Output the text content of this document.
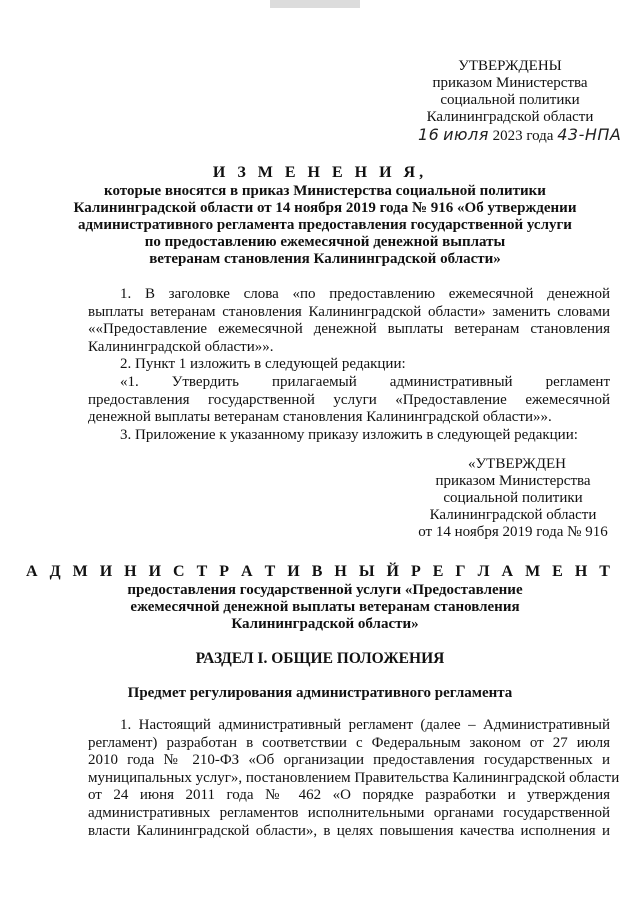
УТВЕРЖДЕНЫ
приказом Министерства
социальной политики
Калининградской области
16 июля 2023 года 43-НПА
И З М Е Н Е Н И Я,
которые вносятся в приказ Министерства социальной политики
Калининградской области от 14 ноября 2019 года № 916 «Об утверждении
административного регламента предоставления государственной услуги
по предоставлению ежемесячной денежной выплаты
ветеранам становления Калининградской области»
1. В заголовке слова «по предоставлению ежемесячной денежной
выплаты ветеранам становления Калининградской области» заменить словами
««Предоставление ежемесячной денежной выплаты ветеранам становления
Калининградской области»».
2. Пункт 1 изложить в следующей редакции:
«1. Утвердить прилагаемый административный регламент
предоставления государственной услуги «Предоставление ежемесячной
денежной выплаты ветеранам становления Калининградской области»».
3. Приложение к указанному приказу изложить в следующей редакции:
«УТВЕРЖДЕН
приказом Министерства
социальной политики
Калининградской области
от 14 ноября 2019 года № 916
А Д М И Н И С Т Р А Т И В Н Ы Й Р Е Г Л А М Е Н Т
предоставления государственной услуги «Предоставление
ежемесячной денежной выплаты ветеранам становления
Калининградской области»
РАЗДЕЛ I. ОБЩИЕ ПОЛОЖЕНИЯ
Предмет регулирования административного регламента
1. Настоящий административный регламент (далее – Административный
регламент) разработан в соответствии с Федеральным законом от 27 июля
2010 года № 210-ФЗ «Об организации предоставления государственных и
муниципальных услуг», постановлением Правительства Калининградской области
от 24 июня 2011 года № 462 «О порядке разработки и утверждения
административных регламентов исполнительными органами государственной
власти Калининградской области», в целях повышения качества исполнения и
